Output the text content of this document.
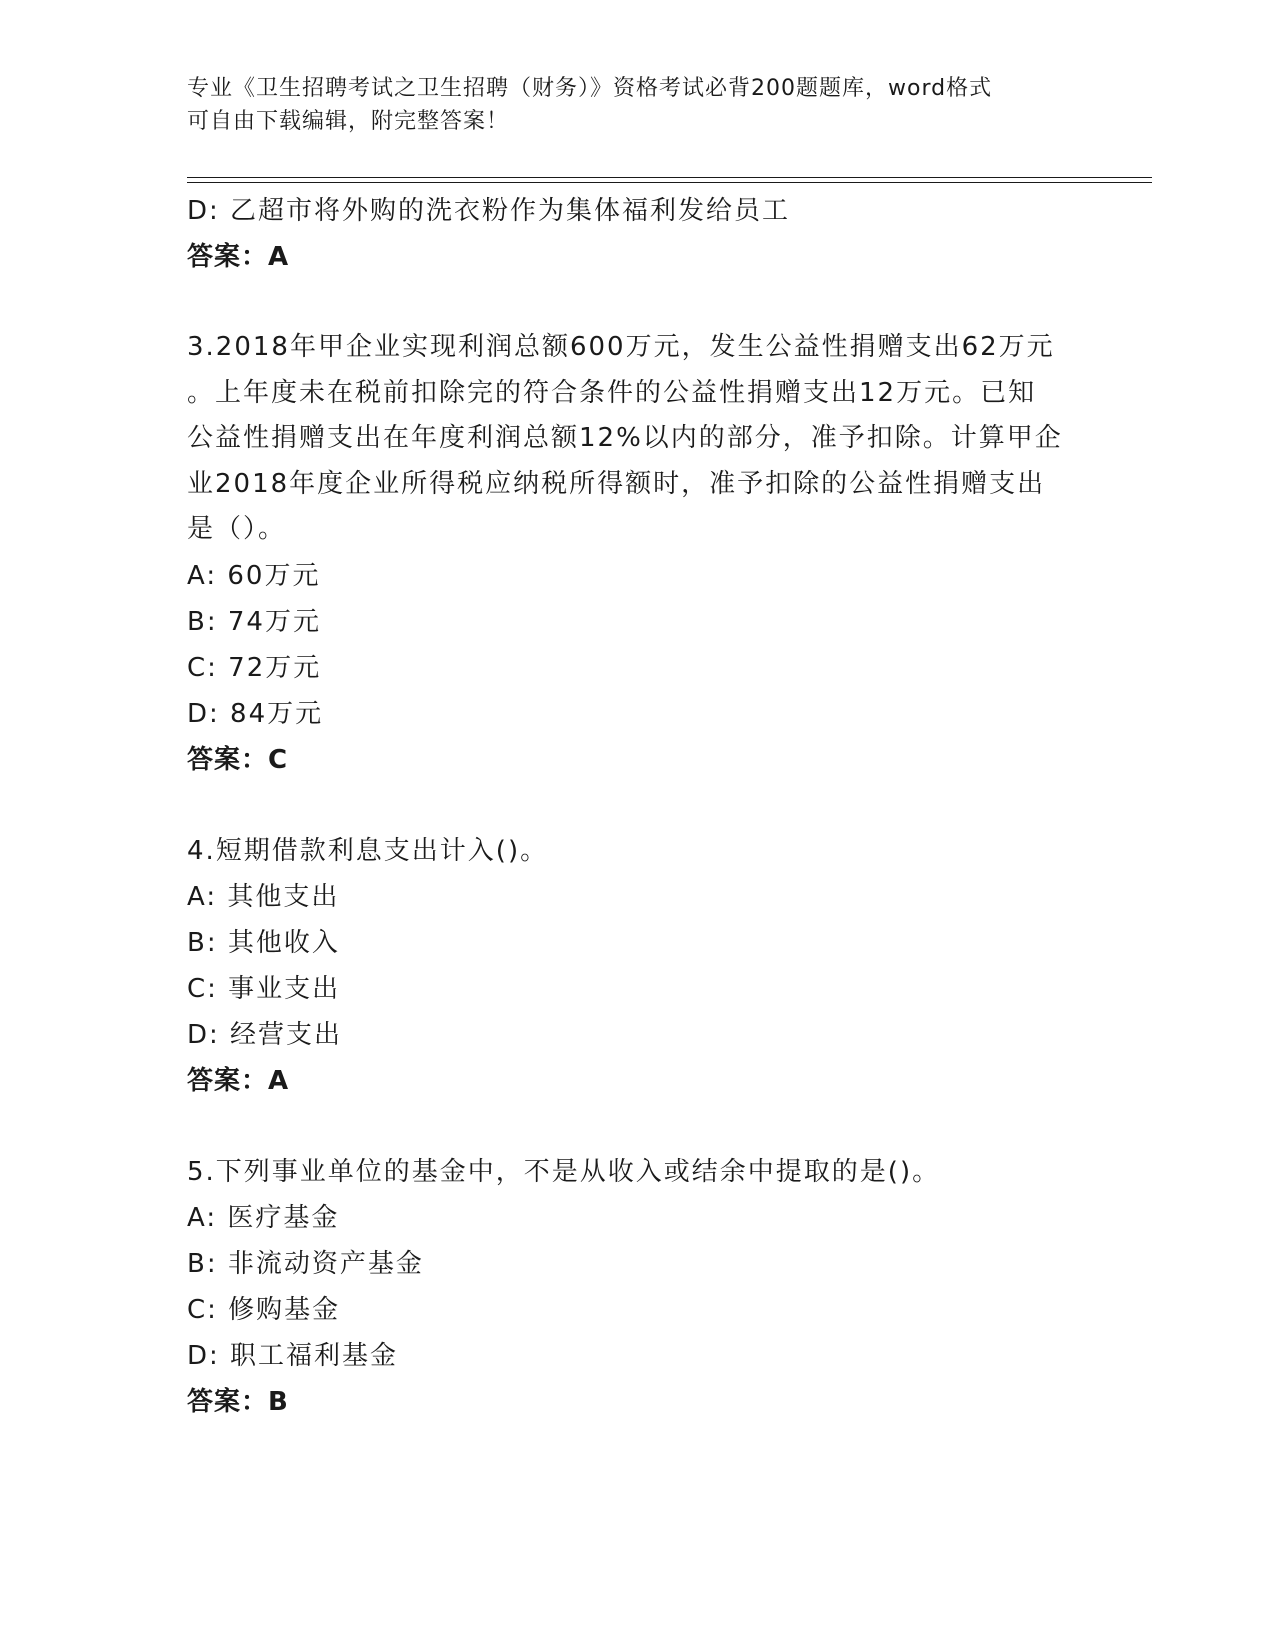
专业《卫生招聘考试之卫生招聘（财务）》资格考试必背200题题库，word格式
可自由下载编辑，附完整答案！
D: 乙超市将外购的洗衣粉作为集体福利发给员工
答案：A
3.2018年甲企业实现利润总额600万元，发生公益性捐赠支出62万元
。上年度未在税前扣除完的符合条件的公益性捐赠支出12万元。已知
公益性捐赠支出在年度利润总额12%以内的部分，准予扣除。计算甲企
业2018年度企业所得税应纳税所得额时，准予扣除的公益性捐赠支出
是（）。
A: 60万元
B: 74万元
C: 72万元
D: 84万元
答案：C
4.短期借款利息支出计入()。
A: 其他支出
B: 其他收入
C: 事业支出
D: 经营支出
答案：A
5.下列事业单位的基金中，不是从收入或结余中提取的是()。
A: 医疗基金
B: 非流动资产基金
C: 修购基金
D: 职工福利基金
答案：B
